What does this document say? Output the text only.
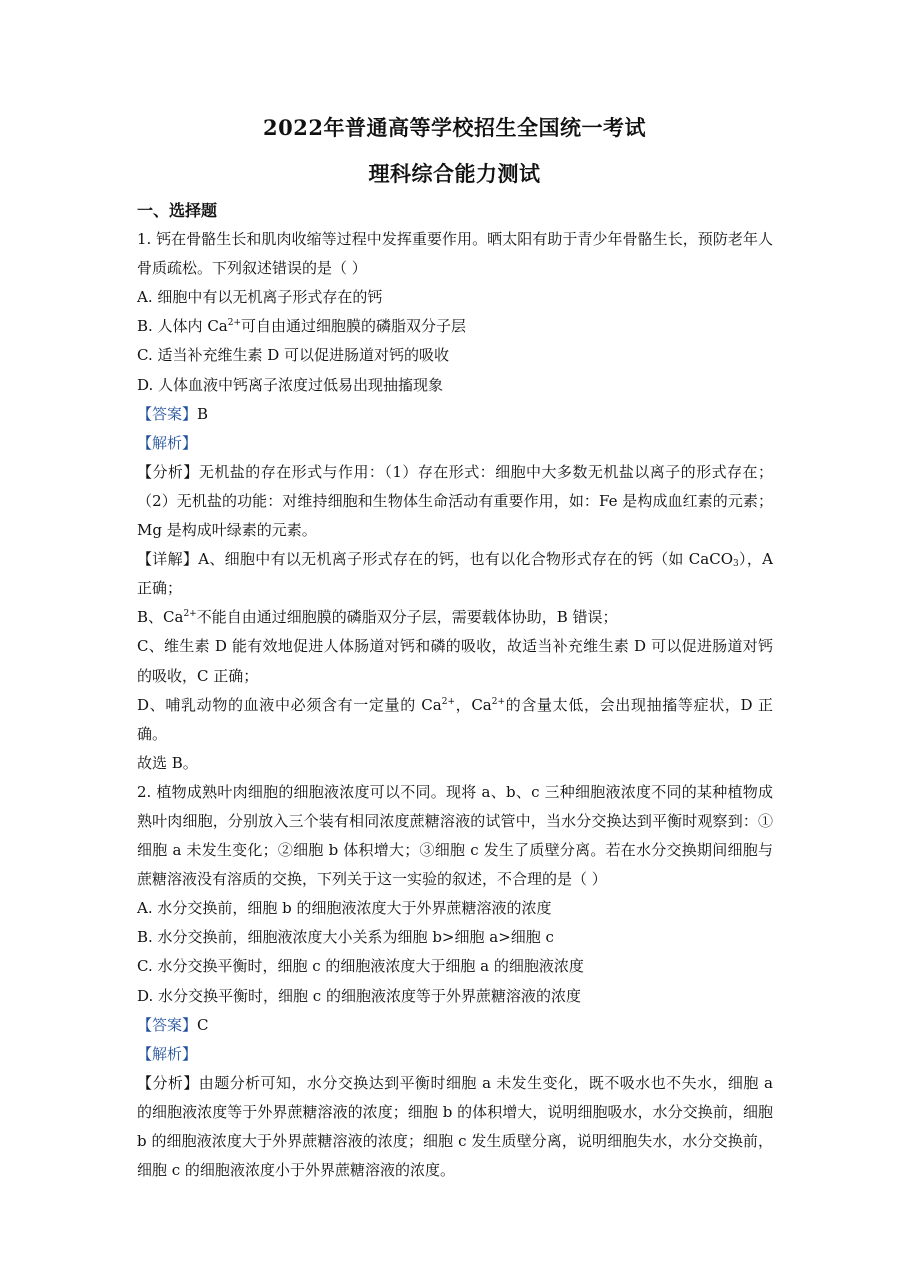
2022年普通高等学校招生全国统一考试
理科综合能力测试

一、选择题

1. 钙在骨骼生长和肌肉收缩等过程中发挥重要作用。晒太阳有助于青少年骨骼生长，预防老年人骨质疏松。下列叙述错误的是（ ）

A. 细胞中有以无机离子形式存在的钙

B. 人体内 $Ca^{2+}$可自由通过细胞膜的磷脂双分子层

C. 适当补充维生素 D 可以促进肠道对钙的吸收

D. 人体血液中钙离子浓度过低易出现抽搐现象

【答案】B

【解析】

【分析】无机盐的存在形式与作用：（1）存在形式：细胞中大多数无机盐以离子的形式存在；（2）无机盐的功能：对维持细胞和生物体生命活动有重要作用，如：Fe 是构成血红素的元素；Mg 是构成叶绿素的元素。

【详解】A、细胞中有以无机离子形式存在的钙，也有以化合物形式存在的钙（如 CaCO$_3$），A 正确；

B、$Ca^{2+}$不能自由通过细胞膜的磷脂双分子层，需要载体协助，B 错误；

C、维生素 D 能有效地促进人体肠道对钙和磷的吸收，故适当补充维生素 D 可以促进肠道对钙的吸收，C 正确；

D、哺乳动物的血液中必须含有一定量的 $Ca^{2+}$，$Ca^{2+}$的含量太低，会出现抽搐等症状，D 正确。

故选 B。

2. 植物成熟叶肉细胞的细胞液浓度可以不同。现将 a、b、c 三种细胞液浓度不同的某种植物成熟叶肉细胞，分别放入三个装有相同浓度蔗糖溶液的试管中，当水分交换达到平衡时观察到：①细胞 a 未发生变化；②细胞 b 体积增大；③细胞 c 发生了质壁分离。若在水分交换期间细胞与蔗糖溶液没有溶质的交换，下列关于这一实验的叙述，不合理的是（ ）

A. 水分交换前，细胞 b 的细胞液浓度大于外界蔗糖溶液的浓度

B. 水分交换前，细胞液浓度大小关系为细胞 b>细胞 a>细胞 c

C. 水分交换平衡时，细胞 c 的细胞液浓度大于细胞 a 的细胞液浓度

D. 水分交换平衡时，细胞 c 的细胞液浓度等于外界蔗糖溶液的浓度

【答案】C

【解析】

【分析】由题分析可知，水分交换达到平衡时细胞 a 未发生变化，既不吸水也不失水，细胞 a 的细胞液浓度等于外界蔗糖溶液的浓度；细胞 b 的体积增大，说明细胞吸水，水分交换前，细胞 b 的细胞液浓度大于外界蔗糖溶液的浓度；细胞 c 发生质壁分离，说明细胞失水，水分交换前，细胞 c 的细胞液浓度小于外界蔗糖溶液的浓度。
